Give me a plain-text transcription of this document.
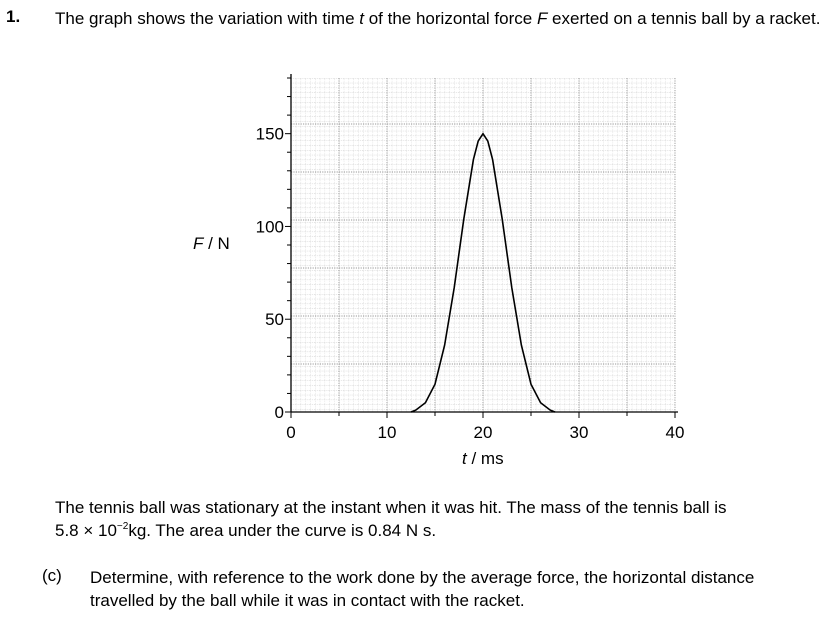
1. The graph shows the variation with time t of the horizontal force F exerted on a tennis ball by a racket.
0
50
100
150
0	10	20	30	40
F / N
t / ms
The tennis ball was stationary at the instant when it was hit. The mass of the tennis ball is
$5.8 \times 10^{-2}kg$. The area under the curve is 0.84 N s.
(c) Determine, with reference to the work done by the average force, the horizontal distance travelled by the ball while it was in contact with the racket.
